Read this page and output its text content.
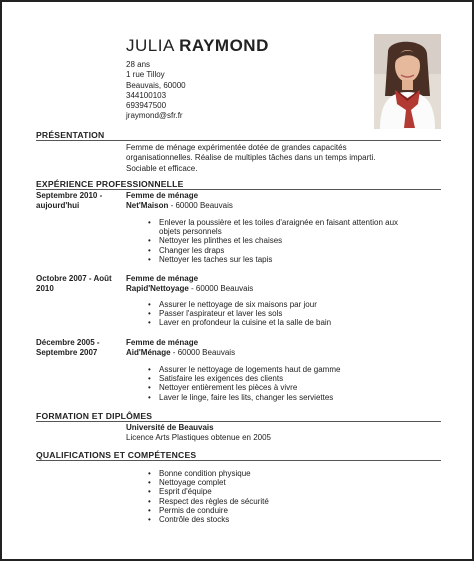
JULIA RAYMOND
28 ans
1 rue Tilloy
Beauvais, 60000
344100103
693947500
jraymond@sfr.fr
PRÉSENTATION
Femme de ménage expérimentée dotée de grandes capacités
organisationnelles. Réalise de multiples tâches dans un temps imparti.
Sociable et efficace.
EXPÉRIENCE PROFESSIONNELLE
Septembre 2010 -
aujourd'hui
Femme de ménage
Net'Maison - 60000 Beauvais
• Enlever la poussière et les toiles d'araignée en faisant attention aux
objets personnels
• Nettoyer les plinthes et les chaises
• Changer les draps
• Nettoyer les taches sur les tapis
Octobre 2007 - Août
2010
Femme de ménage
Rapid'Nettoyage - 60000 Beauvais
• Assurer le nettoyage de six maisons par jour
• Passer l'aspirateur et laver les sols
• Laver en profondeur la cuisine et la salle de bain
Décembre 2005 -
Septembre 2007
Femme de ménage
Aid'Ménage - 60000 Beauvais
• Assurer le nettoyage de logements haut de gamme
• Satisfaire les exigences des clients
• Nettoyer entièrement les pièces à vivre
• Laver le linge, faire les lits, changer les serviettes
FORMATION ET DIPLÔMES
Université de Beauvais
Licence Arts Plastiques obtenue en 2005
QUALIFICATIONS ET COMPÉTENCES
• Bonne condition physique
• Nettoyage complet
• Esprit d'équipe
• Respect des règles de sécurité
• Permis de conduire
• Contrôle des stocks
